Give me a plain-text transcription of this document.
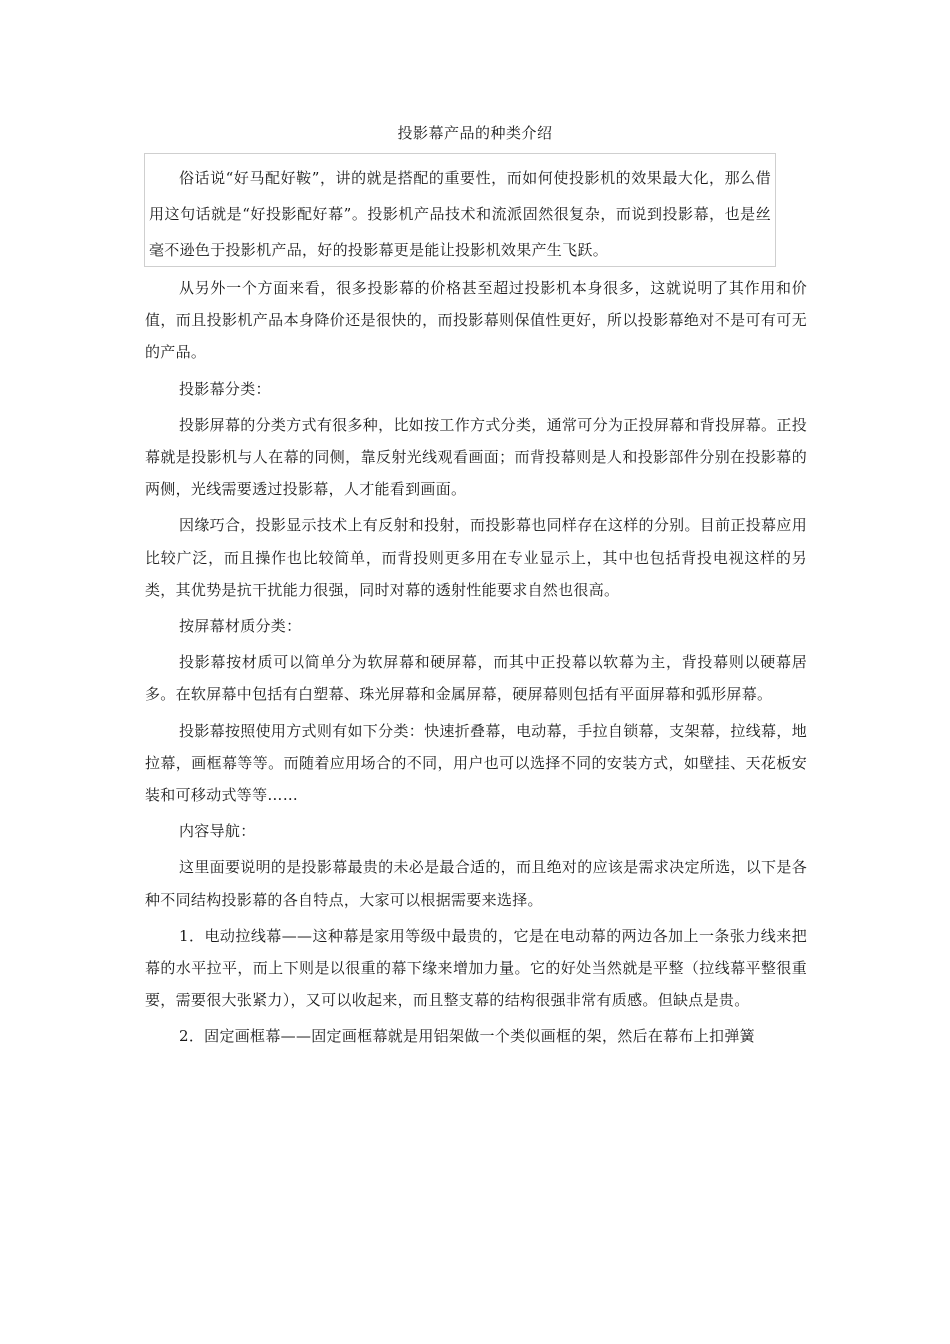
投影幕产品的种类介绍

俗话说“好马配好鞍”，讲的就是搭配的重要性，而如何使投影机的效果最大化，那么借用这句话就是“好投影配好幕”。投影机产品技术和流派固然很复杂，而说到投影幕，也是丝毫不逊色于投影机产品，好的投影幕更是能让投影机效果产生飞跃。

从另外一个方面来看，很多投影幕的价格甚至超过投影机本身很多，这就说明了其作用和价值，而且投影机产品本身降价还是很快的，而投影幕则保值性更好，所以投影幕绝对不是可有可无的产品。

投影幕分类：

投影屏幕的分类方式有很多种，比如按工作方式分类，通常可分为正投屏幕和背投屏幕。正投幕就是投影机与人在幕的同侧，靠反射光线观看画面；而背投幕则是人和投影部件分别在投影幕的两侧，光线需要透过投影幕，人才能看到画面。

因缘巧合，投影显示技术上有反射和投射，而投影幕也同样存在这样的分别。目前正投幕应用比较广泛，而且操作也比较简单，而背投则更多用在专业显示上，其中也包括背投电视这样的另类，其优势是抗干扰能力很强，同时对幕的透射性能要求自然也很高。

按屏幕材质分类：

投影幕按材质可以简单分为软屏幕和硬屏幕，而其中正投幕以软幕为主，背投幕则以硬幕居多。在软屏幕中包括有白塑幕、珠光屏幕和金属屏幕，硬屏幕则包括有平面屏幕和弧形屏幕。

投影幕按照使用方式则有如下分类：快速折叠幕，电动幕，手拉自锁幕，支架幕，拉线幕，地拉幕，画框幕等等。而随着应用场合的不同，用户也可以选择不同的安装方式，如壁挂、天花板安装和可移动式等等……

内容导航：

这里面要说明的是投影幕最贵的未必是最合适的，而且绝对的应该是需求决定所选，以下是各种不同结构投影幕的各自特点，大家可以根据需要来选择。

1．电动拉线幕——这种幕是家用等级中最贵的，它是在电动幕的两边各加上一条张力线来把幕的水平拉平，而上下则是以很重的幕下缘来增加力量。它的好处当然就是平整（拉线幕平整很重要，需要很大张紧力），又可以收起来，而且整支幕的结构很强非常有质感。但缺点是贵。

2．固定画框幕——固定画框幕就是用铝架做一个类似画框的架，然后在幕布上扣弹簧
